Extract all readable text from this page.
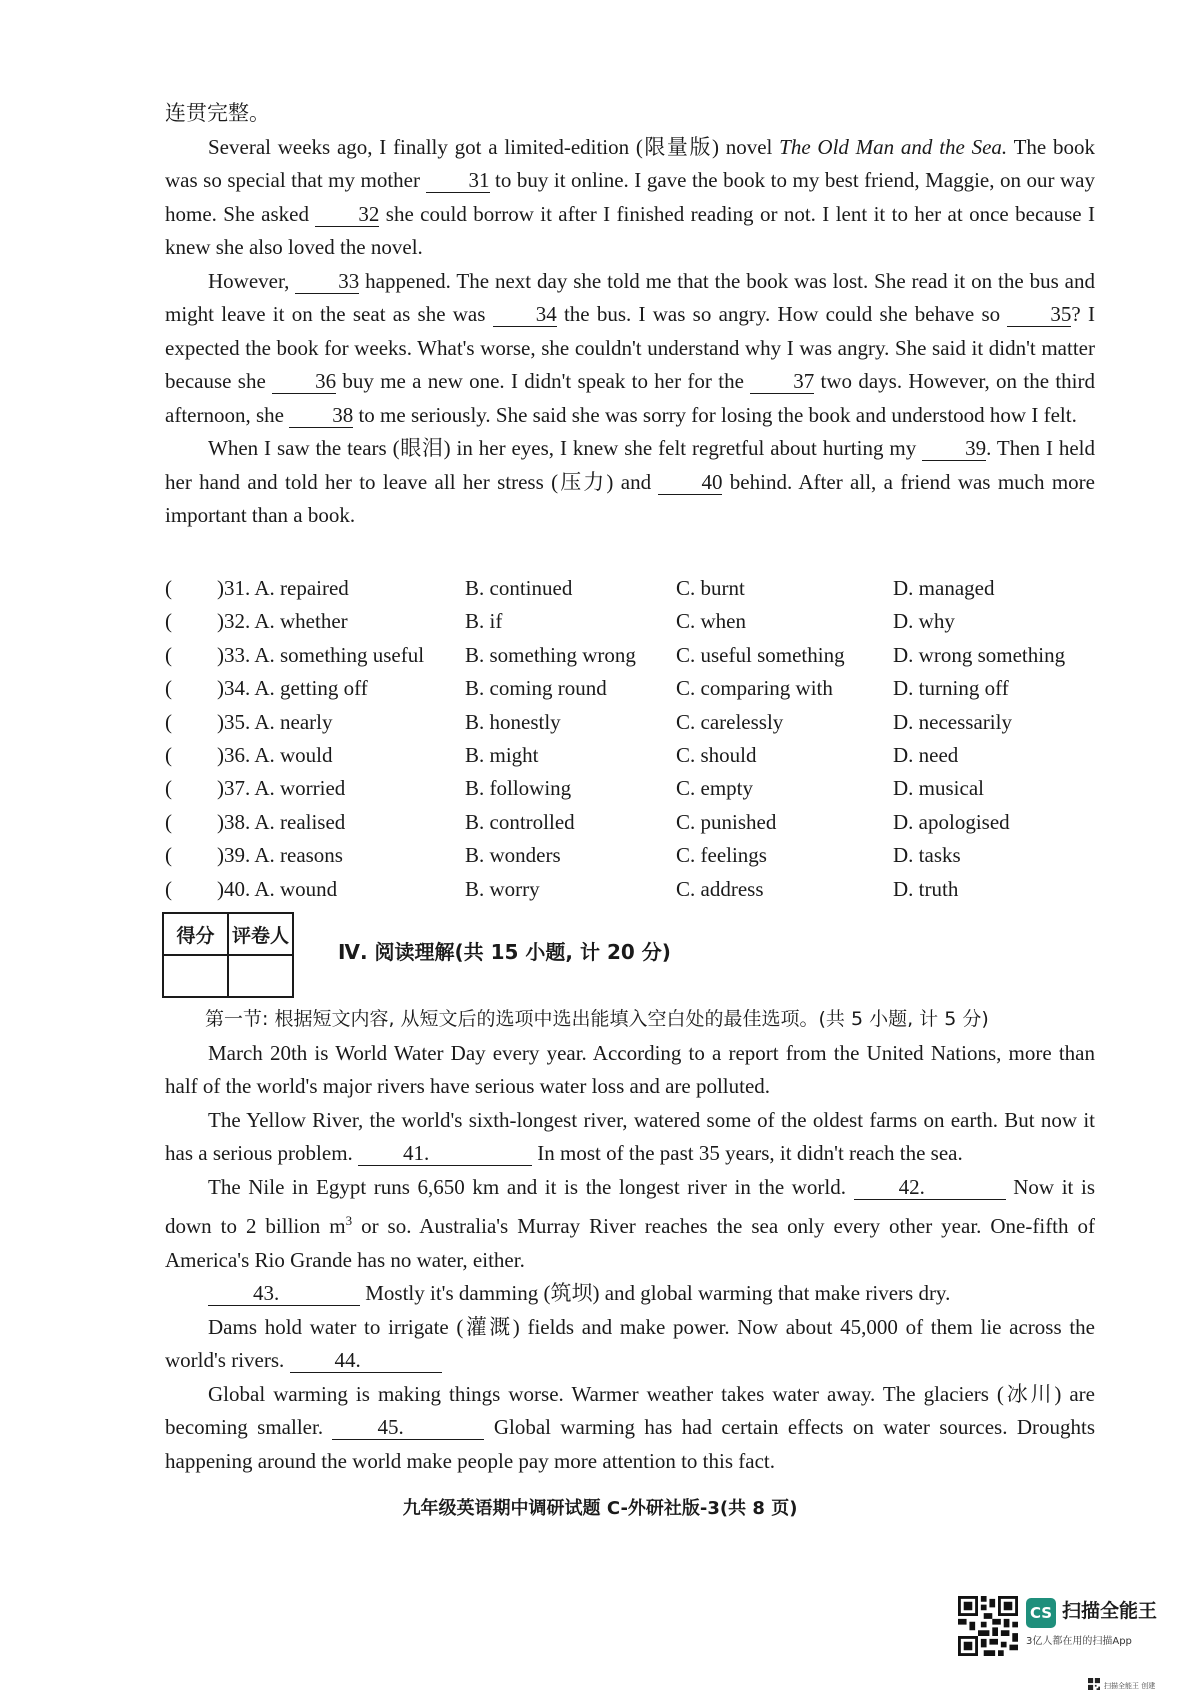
连贯完整。

Several weeks ago, I finally got a limited-edition (限量版) novel The Old Man and the Sea. The book was so special that my mother 31 to buy it online. I gave the book to my best friend, Maggie, on our way home. She asked 32 she could borrow it after I finished reading or not. I lent it to her at once because I knew she also loved the novel.

However, 33 happened. The next day she told me that the book was lost. She read it on the bus and might leave it on the seat as she was 34 the bus. I was so angry. How could she behave so 35? I expected the book for weeks. What's worse, she couldn't understand why I was angry. She said it didn't matter because she 36 buy me a new one. I didn't speak to her for the 37 two days. However, on the third afternoon, she 38 to me seriously. She said she was sorry for losing the book and understood how I felt.

When I saw the tears (眼泪) in her eyes, I knew she felt regretful about hurting my 39. Then I held her hand and told her to leave all her stress (压力) and 40 behind. After all, a friend was much more important than a book.

( )31. A. repaired	B. continued	C. burnt	D. managed
( )32. A. whether	B. if	C. when	D. why
( )33. A. something useful B. something wrong C. useful something D. wrong something
( )34. A. getting off	B. coming round	C. comparing with	D. turning off
( )35. A. nearly	B. honestly	C. carelessly	D. necessarily
( )36. A. would	B. might	C. should	D. need
( )37. A. worried	B. following	C. empty	D. musical
( )38. A. realised	B. controlled	C. punished	D. apologised
( )39. A. reasons	B. wonders	C. feelings	D. tasks
( )40. A. wound	B. worry	C. address	D. truth
得分	评卷人

Ⅳ. 阅读理解(共 15 小题, 计 20 分)

第一节: 根据短文内容, 从短文后的选项中选出能填入空白处的最佳选项。(共 5 小题, 计 5 分)

March 20th is World Water Day every year. According to a report from the United Nations, more than half of the world's major rivers have serious water loss and are polluted.

The Yellow River, the world's sixth-longest river, watered some of the oldest farms on earth. But now it has a serious problem. 41.	In most of the past 35 years, it didn't reach the sea.

The Nile in Egypt runs 6,650 km and it is the longest river in the world. 42.	Now it is down to 2 billion $m^3$ or so. Australia's Murray River reaches the sea only every other year. One-fifth of America's Rio Grande has no water, either.

43.	Mostly it's damming (筑坝) and global warming that make rivers dry.

Dams hold water to irrigate (灌溉) fields and make power. Now about 45,000 of them lie across the world's rivers. 44.

Global warming is making things worse. Warmer weather takes water away. The glaciers (冰川) are becoming smaller. 45.	Global warming has had certain effects on water sources. Droughts happening around the world make people pay more attention to this fact.

九年级英语期中调研试题 C-外研社版-3(共 8 页)
CS 扫描全能王
3亿人都在用的扫描App
扫描全能王 创建
